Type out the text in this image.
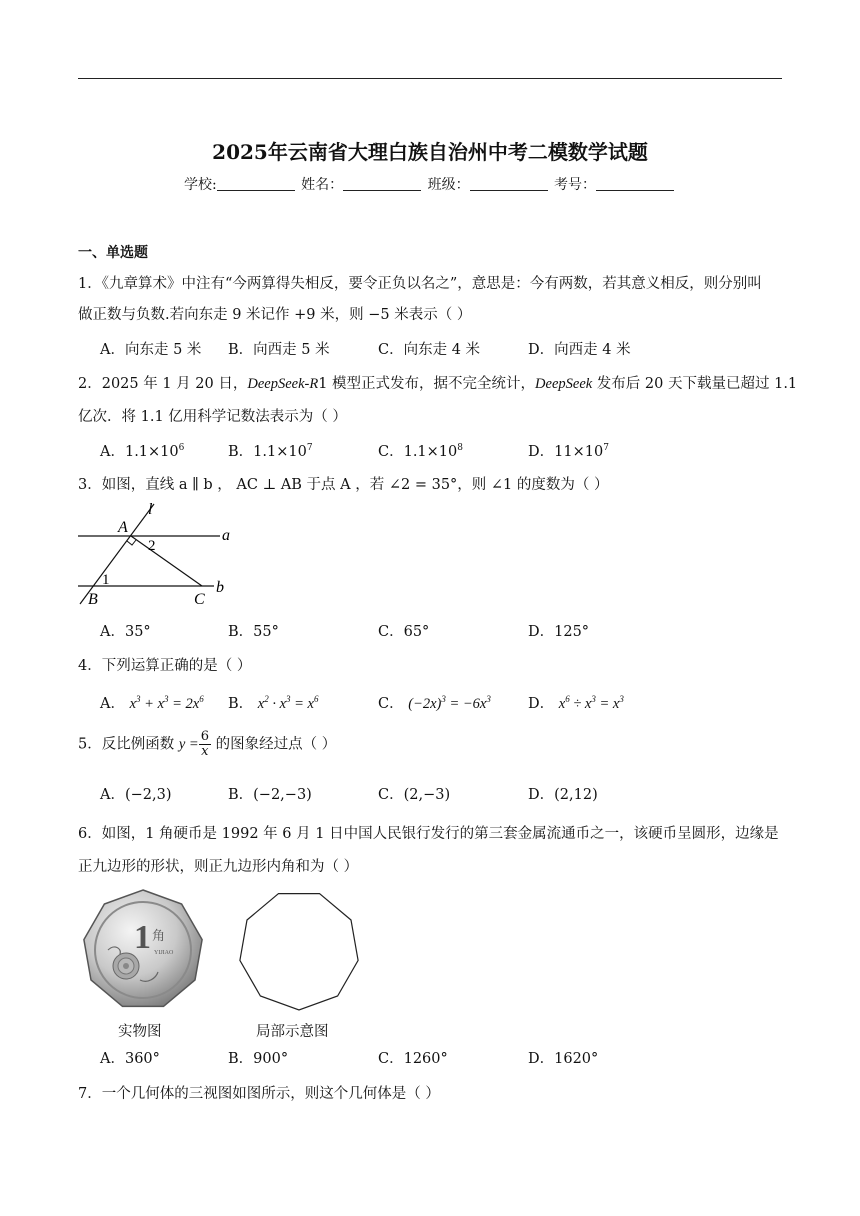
2025年云南省大理白族自治州中考二模数学试题
学校:	姓名：	班级：	考号：
一、单选题
1．《九章算术》中注有“今两算得失相反，要令正负以名之”，意思是：今有两数，若其意义相反，则分别叫
做正数与负数.若向东走 9 米记作 +9 米，则 −5 米表示（ ）
A．向东走 5 米 B．向西走 5 米	C．向东走 4 米	D．向西走 4 米
2．2025 年 1 月 20 日，DeepSeek-R1 模型正式发布，据不完全统计，DeepSeek 发布后 20 天下载量已超过 1.1
亿次．将 1.1 亿用科学记数法表示为（ ）
A．$1.1\times 10^6$	B．$1.1\times 10^7$	C．$1.1\times 10^8$	D．$11\times 10^7$
3．如图，直线 a ∥ b ， AC ⊥ AB 于点 A ，若 ∠2 = 35°，则 ∠1 的度数为（ ）
l
a
b
A
B	C
1
2
A．35°	B．55°	C．65°	D．125°
4．下列运算正确的是（ ）
A． $x^3 + x^3 = 2x^6$ B． $x^2 \cdot x^3 = x^6$	C． $(-2x)^3 = -6x^3$	D． $x^6 \div x^3 = x^3$
5．反比例函数 $y = \frac{6}{x}$ 的图象经过点（ ）
A．(−2,3)	B．(−2,−3)	C．(2,−3)	D．(2,12)
6．如图，1 角硬币是 1992 年 6 月 1 日中国人民银行发行的第三套金属流通币之一，该硬币呈圆形，边缘是
正九边形的形状，则正九边形内角和为（ ）
1 角
YIJIAO
实物图	局部示意图
A．360°	B．900°	C．1260°	D．1620°
7．一个几何体的三视图如图所示，则这个几何体是（ ）
